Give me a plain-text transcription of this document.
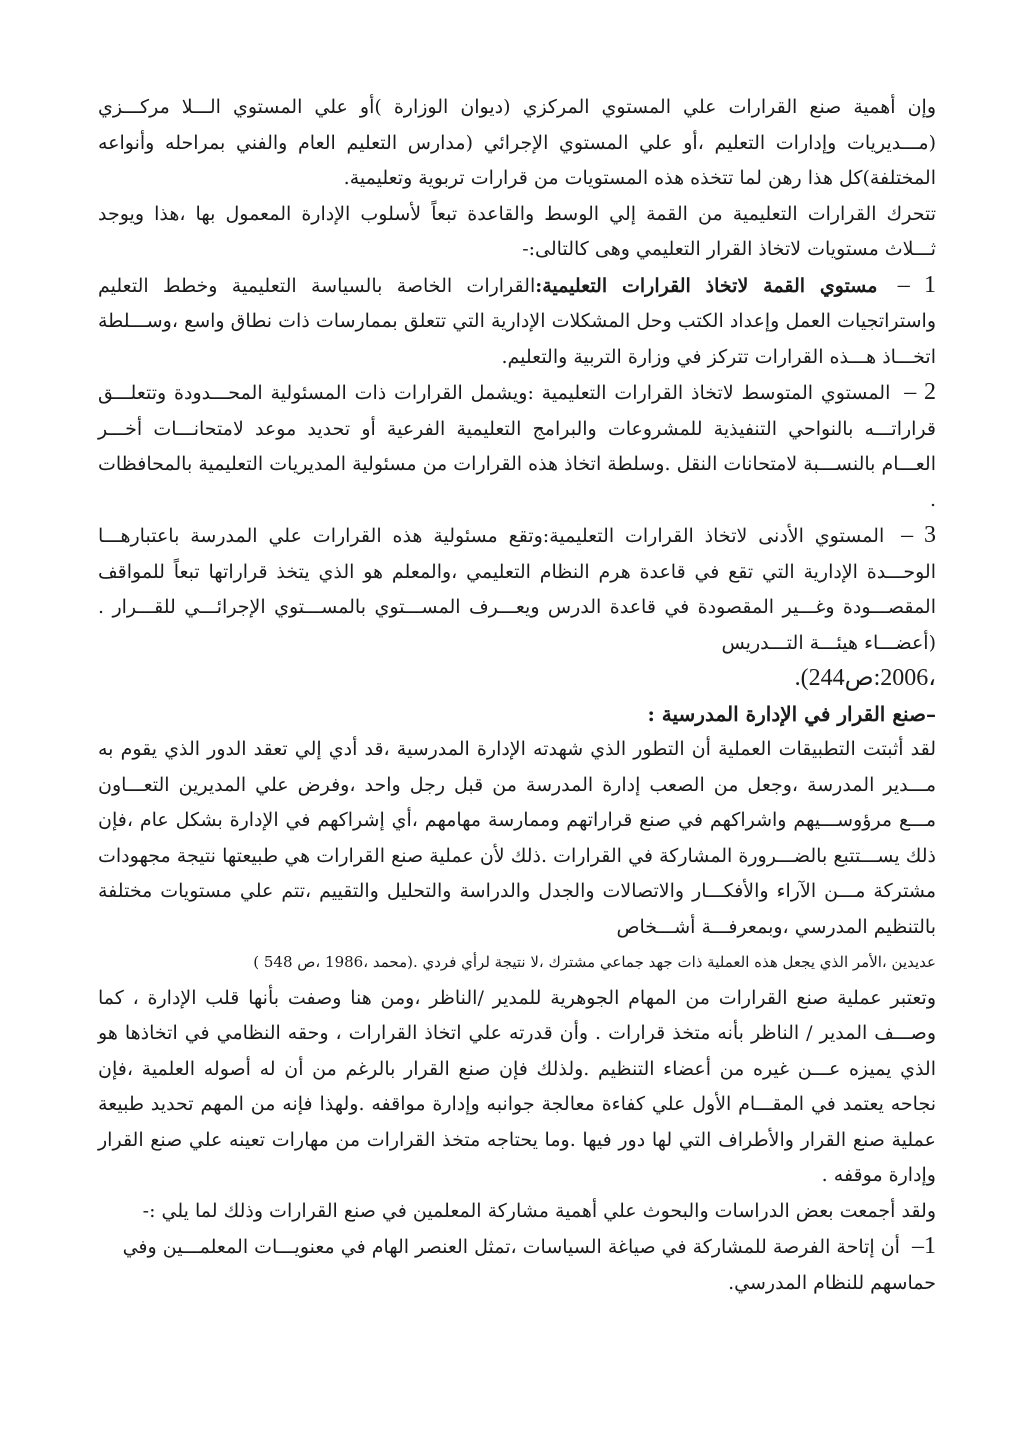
وإن أهمية صنع القرارات علي المستوي المركزي (ديوان الوزارة )أو علي المستوي الـــلا مركـــزي (مـــديريات وإدارات التعليم ،أو علي المستوي الإجرائي (مدارس التعليم العام والفني بمراحله وأنواعه المختلفة)كل هذا رهن لما تتخذه هذه المستويات من قرارات تربوية وتعليمية.

تتحرك القرارات التعليمية من القمة إلي الوسط والقاعدة تبعاً لأسلوب الإدارة المعمول بها ،هذا ويوجد ثـــلاث مستويات لاتخاذ القرار التعليمي وهى كالتالى:-

1 – مستوي القمة لاتخاذ القرارات التعليمية:القرارات الخاصة بالسياسة التعليمية وخطط التعليم واستراتجيات العمل وإعداد الكتب وحل المشكلات الإدارية التي تتعلق بممارسات ذات نطاق واسع ،وســـلطة اتخـــاذ هـــذه القرارات تتركز في وزارة التربية والتعليم.

2 – المستوي المتوسط لاتخاذ القرارات التعليمية :ويشمل القرارات ذات المسئولية المحـــدودة وتتعلـــق قراراتـــه بالنواحي التنفيذية للمشروعات والبرامج التعليمية الفرعية أو تحديد موعد لامتحانـــات أخـــر العـــام بالنســـبة لامتحانات النقل .وسلطة اتخاذ هذه القرارات من مسئولية المديريات التعليمية بالمحافظات .

3 – المستوي الأدنى لاتخاذ القرارات التعليمية:وتقع مسئولية هذه القرارات علي المدرسة باعتبارهـــا الوحـــدة الإدارية التي تقع في قاعدة هرم النظام التعليمي ،والمعلم هو الذي يتخذ قراراتها تبعاً للمواقف المقصـــودة وغـــير المقصودة في قاعدة الدرس ويعـــرف المســـتوي بالمســـتوي الإجرائـــي للقـــرار .(أعضـــاء هيئـــة التـــدريس

،2006:ص244).

–صنع القرار في الإدارة المدرسية :

لقد أثبتت التطبيقات العملية أن التطور الذي شهدته الإدارة المدرسية ،قد أدي إلي تعقد الدور الذي يقوم به مـــدير المدرسة ،وجعل من الصعب إدارة المدرسة من قبل رجل واحد ،وفرض علي المديرين التعـــاون مـــع مرؤوســـيهم واشراكهم في صنع قراراتهم وممارسة مهامهم ،أي إشراكهم في الإدارة بشكل عام ،فإن ذلك يســـتتبع بالضـــرورة المشاركة في القرارات .ذلك لأن عملية صنع القرارات هي طبيعتها نتيجة مجهودات مشتركة مـــن الآراء والأفكـــار والاتصالات والجدل والدراسة والتحليل والتقييم ،تتم علي مستويات مختلفة بالتنظيم المدرسي ،وبمعرفـــة أشـــخاص

عديدين ،الأمر الذي يجعل هذه العملية ذات جهد جماعي مشترك ،لا نتيجة لرأي فردي .(محمد ،1986 ،ص 548 )

وتعتبر عملية صنع القرارات من المهام الجوهرية للمدير /الناظر ،ومن هنا وصفت بأنها قلب الإدارة ، كما وصـــف المدير / الناظر بأنه متخذ قرارات . وأن قدرته علي اتخاذ القرارات ، وحقه النظامي في اتخاذها هو الذي يميزه عـــن غيره من أعضاء التنظيم .ولذلك فإن صنع القرار بالرغم من أن له أصوله العلمية ،فإن نجاحه يعتمد في المقـــام الأول علي كفاءة معالجة جوانبه وإدارة مواقفه .ولهذا فإنه من المهم تحديد طبيعة عملية صنع القرار والأطراف التي لها دور فيها .وما يحتاجه متخذ القرارات من مهارات تعينه علي صنع القرار وإدارة موقفه .

ولقد أجمعت بعض الدراسات والبحوث علي أهمية مشاركة المعلمين في صنع القرارات وذلك لما يلي :-

1– أن إتاحة الفرصة للمشاركة في صياغة السياسات ،تمثل العنصر الهام في معنويـــات المعلمـــين وفي

حماسهم للنظام المدرسي.
